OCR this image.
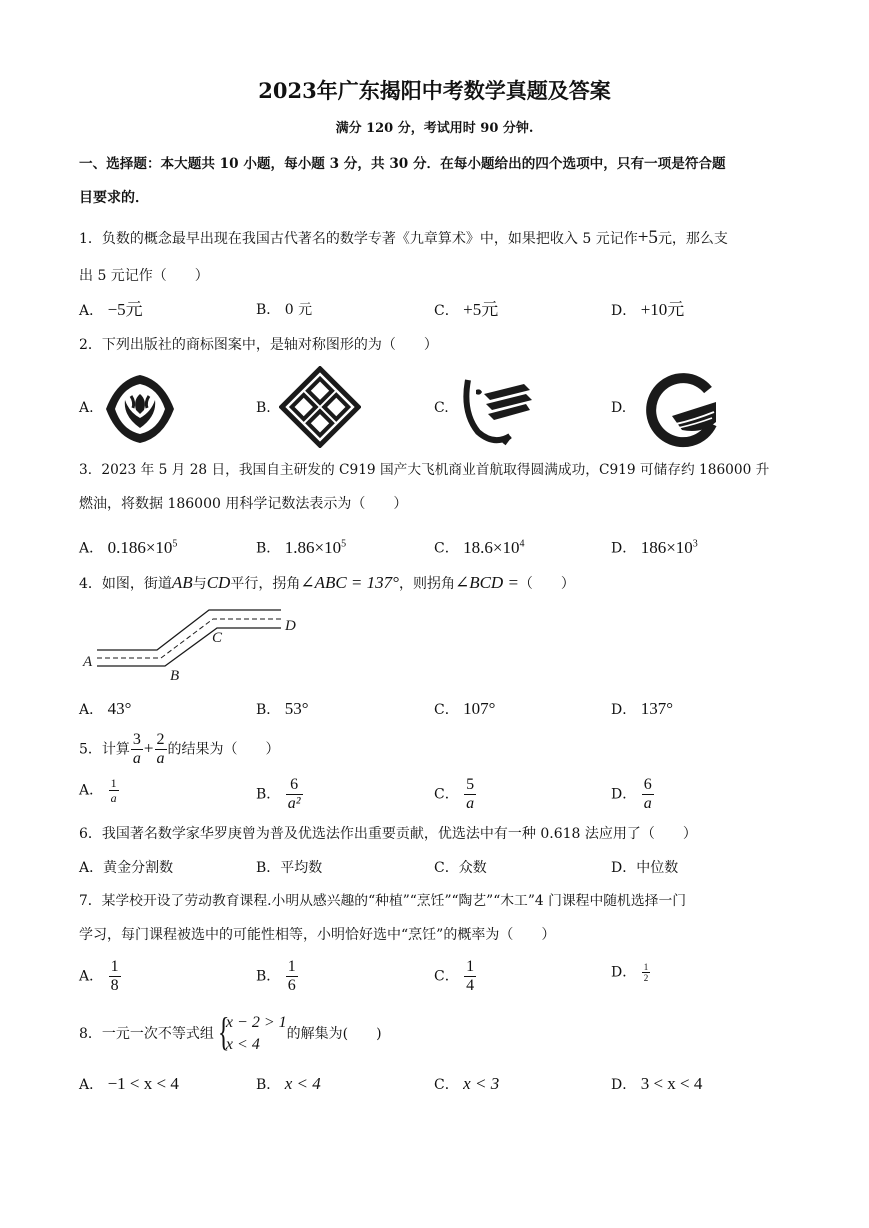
2023年广东揭阳中考数学真题及答案
满分 120 分，考试用时 90 分钟.
一、选择题：本大题共 10 小题，每小题 3 分，共 30 分．在每小题给出的四个选项中，只有一项是符合题
目要求的．
1．负数的概念最早出现在我国古代著名的数学专著《九章算术》中，如果把收入 5 元记作+5元，那么支
出 5 元记作（　　）
A． −5元	B． 0 元	C． +5元	D． +10元
2．下列出版社的商标图案中，是轴对称图形的为（　　）
A.	B.	C.	D.
3．2023 年 5 月 28 日，我国自主研发的 C919 国产大飞机商业首航取得圆满成功，C919 可储存约 186000 升
燃油，将数据 186000 用科学记数法表示为（　　）
A． $0.186\times 10^5$	B． $1.86\times 10^5$	C． $18.6\times 10^4$	D． $186\times 10^3$
4．如图，街道AB与CD平行，拐角∠ABC = 137°，则拐角∠BCD =（　　）
A
B
C
D
A． 43°	B． 53°	C． 107°	D． 137°
5．计算 $\frac{3}{a} + \frac{2}{a}$ 的结果为（　　）
A． $\frac{1}{a}$	B． $\frac{6}{\text{a²}}$	C． $\frac{5}{a}$	D． $\frac{6}{a}$
6．我国著名数学家华罗庚曾为普及优选法作出重要贡献，优选法中有一种 0.618 法应用了（　　）
A．黄金分割数	B．平均数	C．众数	D．中位数
7．某学校开设了劳动教育课程.小明从感兴趣的“种植”“烹饪”“陶艺”“木工”4 门课程中随机选择一门
学习，每门课程被选中的可能性相等，小明恰好选中“烹饪”的概率为（　　）
A． $\frac{1}{8}$	B． $\frac{1}{6}$	C． $\frac{1}{4}$	D． $\frac{1}{2}$
8．一元一次不等式组 {
x − 2 > 1
x < 4
的解集为(　　)
A． −1 < x < 4	B． x < 4	C． x < 3	D． 3 < x < 4
